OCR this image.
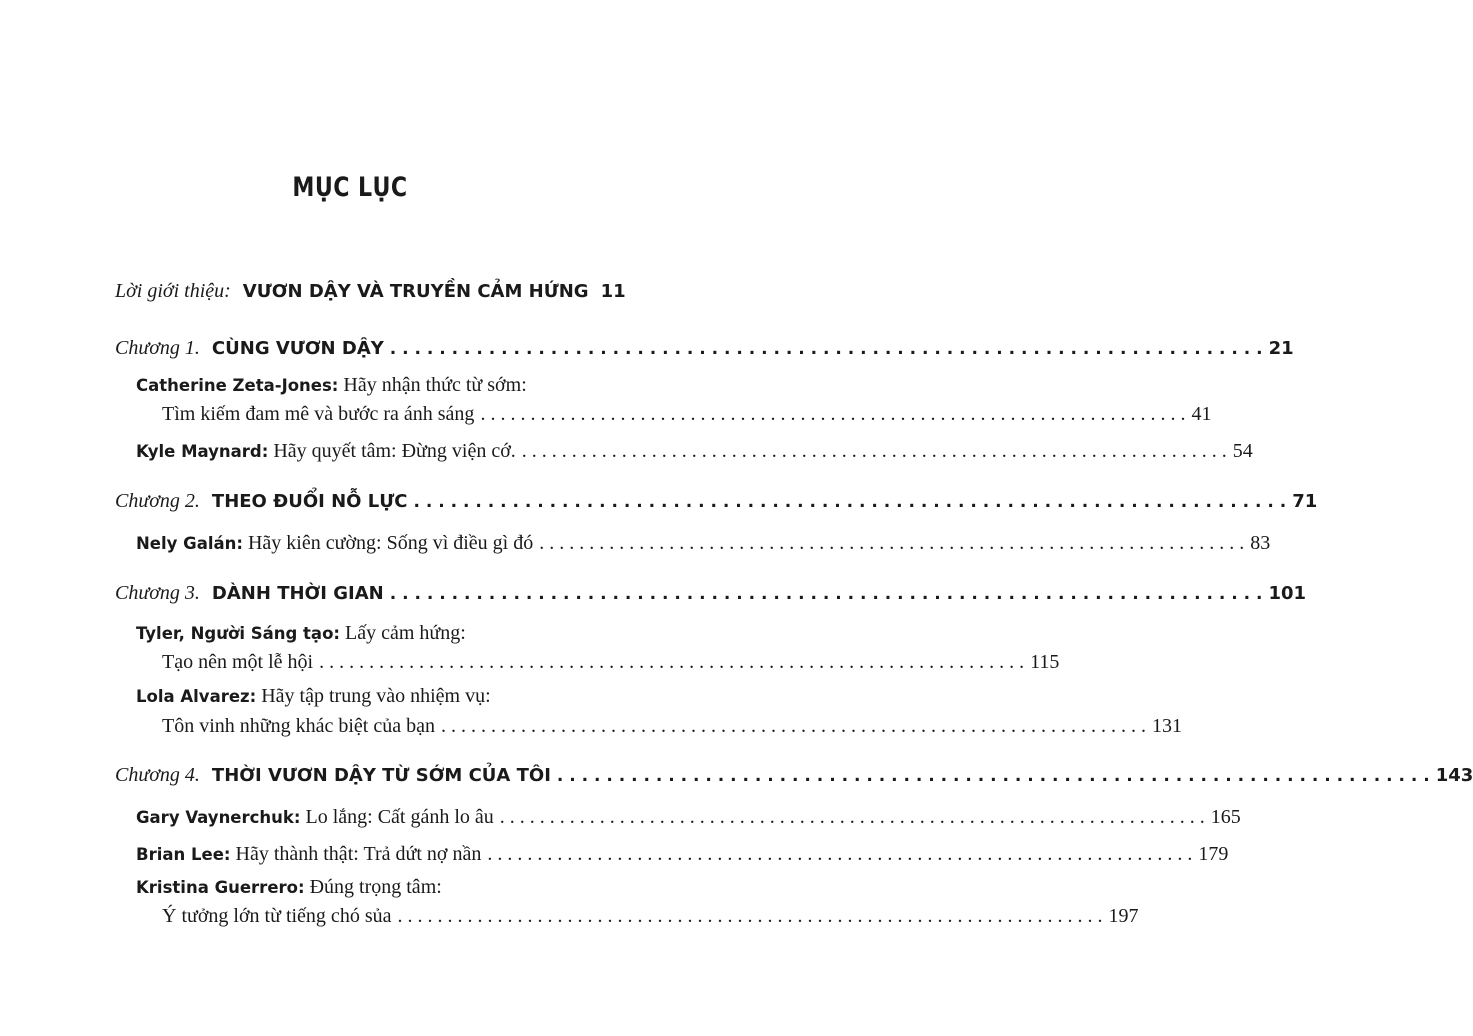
MỤC LỤC
Lời giới thiệu: VƯƠN DẬY VÀ TRUYỀN CẢM HỨNG 11
Chương 1. CÙNG VƯƠN DẬY . . .	21
Catherine Zeta-Jones: Hãy nhận thức từ sớm:
Tìm kiếm đam mê và bước ra ánh sáng . . .	41
Kyle Maynard: Hãy quyết tâm: Đừng viện cớ. . . .	54
Chương 2. THEO ĐUỔI NỖ LỰC . . .	71
Nely Galán: Hãy kiên cường: Sống vì điều gì đó . . .	83
Chương 3. DÀNH THỜI GIAN . . .	101
Tyler, Người Sáng tạo: Lấy cảm hứng:
Tạo nên một lễ hội . . .	115
Lola Alvarez: Hãy tập trung vào nhiệm vụ:
Tôn vinh những khác biệt của bạn . . .	131
Chương 4. THỜI VƯƠN DẬY TỪ SỚM CỦA TÔI . . .	143
Gary Vaynerchuk: Lo lắng: Cất gánh lo âu . . .	165
Brian Lee: Hãy thành thật: Trả dứt nợ nần . . .	179
Kristina Guerrero: Đúng trọng tâm:
Ý tưởng lớn từ tiếng chó sủa . . .	197
